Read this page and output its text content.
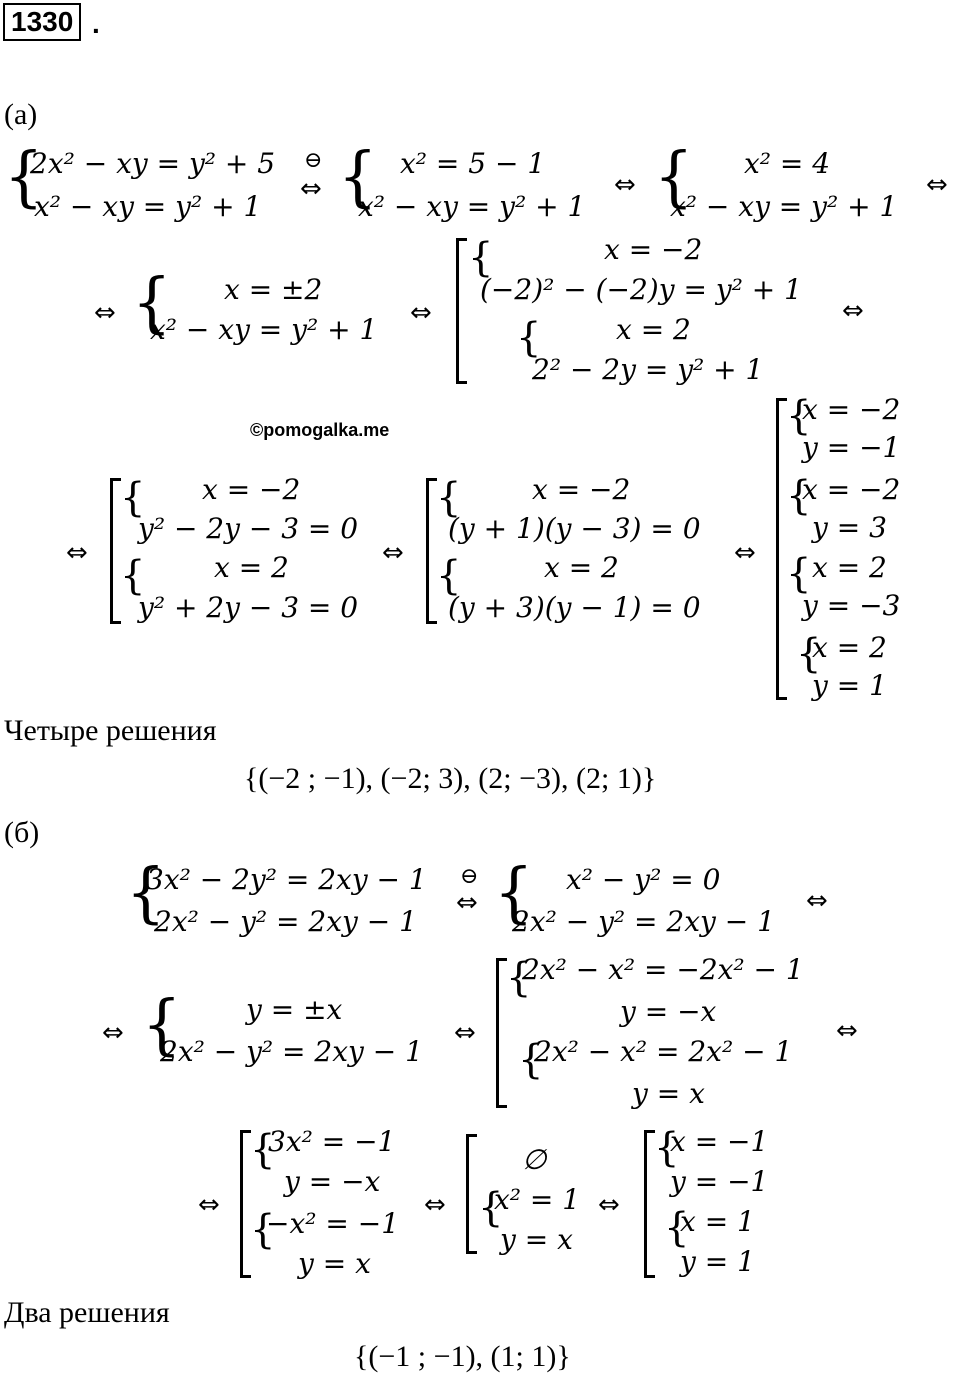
1330 .
(а)
{
2x² − xy = y² + 5
x² − xy = y² + 1
⊖
⇔ { x² = 5 − 1
x² − xy = y² + 1
⇔ { x² = 4
x² − xy = y² + 1
⇔
⇔ { x = ±2
x² − xy = y² + 1 ⇔
{	x = −2
(−2)² − (−2)y = y² + 1
{	x = 2
2² − 2y = y² + 1
⇔
©pomogalka.me
⇔
{ x = −2
y² − 2y − 3 = 0
{ x = 2
y² + 2y − 3 = 0
⇔
{	x = −2
(y + 1)(y − 3) = 0
{	x = 2
(y + 3)(y − 1) = 0
⇔
{
x = −2
y = −1
{
x = −2
y = 3
{ x = 2
y = −3
{
x = 2
y = 1
Четыре решения
{(−2 ; −1), (−2; 3), (2; −3), (2; 1)}
(б)
{
3x² − 2y² = 2xy − 1
2x² − y² = 2xy − 1
⊖
⇔ { x² − y² = 0
2x² − y² = 2xy − 1
⇔
⇔ { y = ±x
2x² − y² = 2xy − 1
⇔
{
2x² − x² = −2x² − 1
y = −x
{
2x² − x² = 2x² − 1
y = x
⇔
⇔
{
3x² = −1
y = −x
{
−x² = −1
y = x
⇔
∅
{
x² = 1
y = x
⇔
{
x = −1
y = −1
{
x = 1
y = 1
Два решения
{(−1 ; −1), (1; 1)}
